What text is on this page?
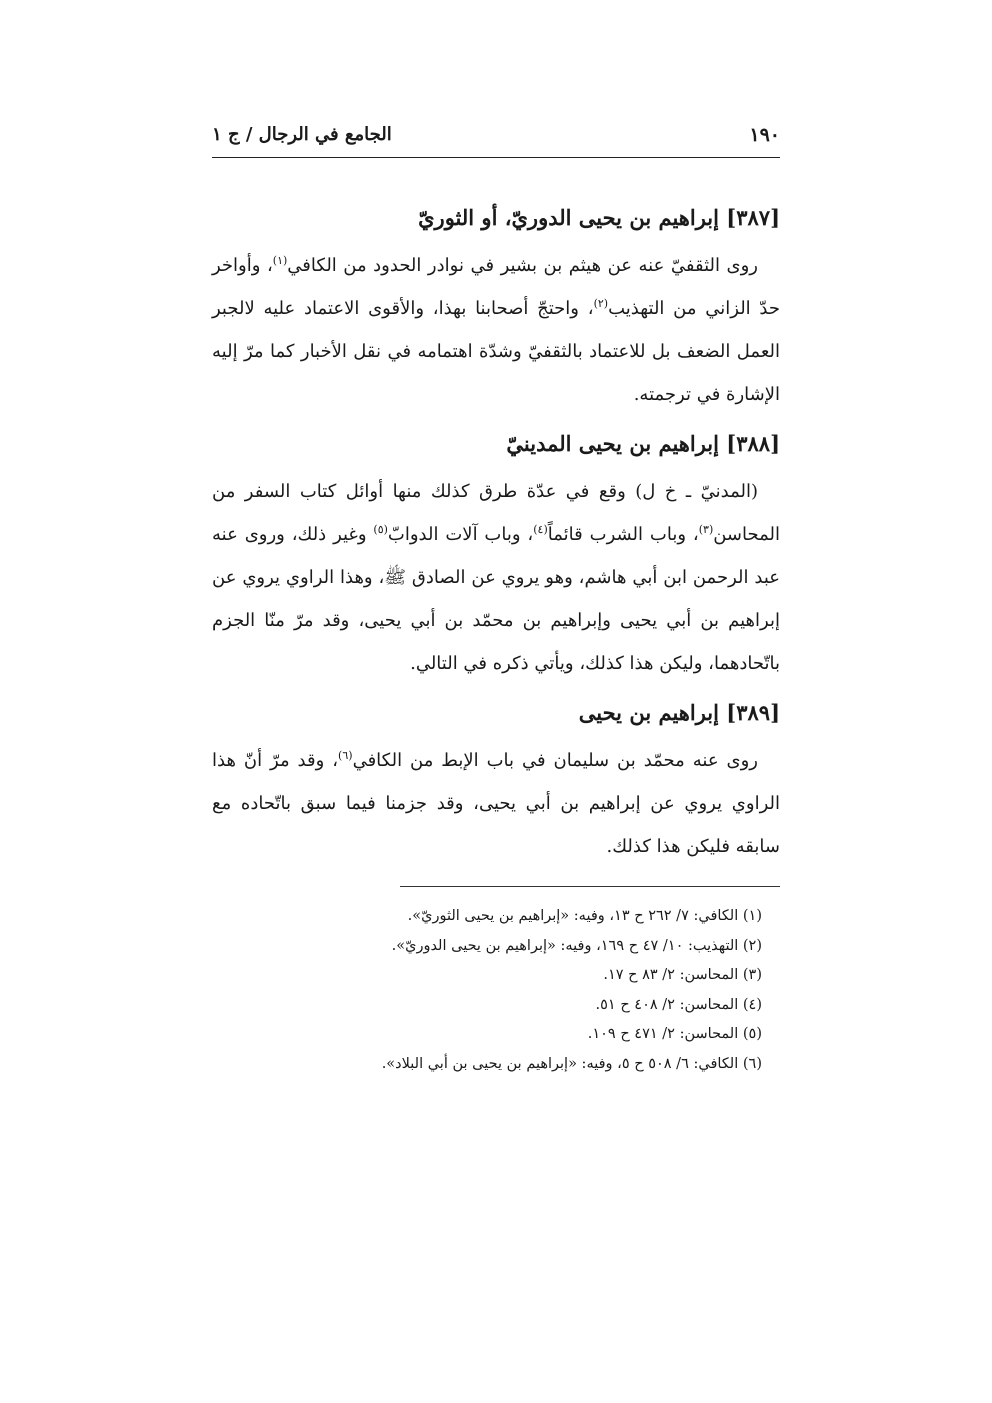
١٩٠
الجامع في الرجال / ج ١
[٣٨٧] إبراهيم بن يحيى الدوريّ، أو الثوريّ

روى الثقفيّ عنه عن هيثم بن بشير في نوادر الحدود من الكافي$^{(١)}$، وأواخر حدّ الزاني من التهذيب$^{(٢)}$، واحتجّ أصحابنا بهذا، والأقوى الاعتماد عليه لالجبر العمل الضعف بل للاعتماد بالثقفيّ وشدّة اهتمامه في نقل الأخبار كما مرّ إليه الإشارة في ترجمته.

[٣٨٨] إبراهيم بن يحيى المدينيّ

(المدنيّ ـ خ ل) وقع في عدّة طرق كذلك منها أوائل كتاب السفر من المحاسن$^{(٣)}$، وباب الشرب قائماً$^{(٤)}$، وباب آلات الدوابّ$^{(٥)}$ وغير ذلك، وروى عنه عبد الرحمن ابن أبي هاشم، وهو يروي عن الصادق ﷺ، وهذا الراوي يروي عن إبراهيم بن أبي يحيى وإبراهيم بن محمّد بن أبي يحيى، وقد مرّ منّا الجزم باتّحادهما، وليكن هذا كذلك، ويأتي ذكره في التالي.

[٣٨٩] إبراهيم بن يحيى

روى عنه محمّد بن سليمان في باب الإبط من الكافي$^{(٦)}$، وقد مرّ أنّ هذا الراوي يروي عن إبراهيم بن أبي يحيى، وقد جزمنا فيما سبق باتّحاده مع سابقه فليكن هذا كذلك.

(١) الكافي: ٧/ ٢٦٢ ح ١٣، وفيه: «إبراهيم بن يحيى الثوريّ».

(٢) التهذيب: ١٠/ ٤٧ ح ١٦٩، وفيه: «إبراهيم بن يحيى الدوريّ».

(٣) المحاسن: ٢/ ٨٣ ح ١٧.

(٤) المحاسن: ٢/ ٤٠٨ ح ٥١.

(٥) المحاسن: ٢/ ٤٧١ ح ١٠٩.

(٦) الكافي: ٦/ ٥٠٨ ح ٥، وفيه: «إبراهيم بن يحيى بن أبي البلاد».
